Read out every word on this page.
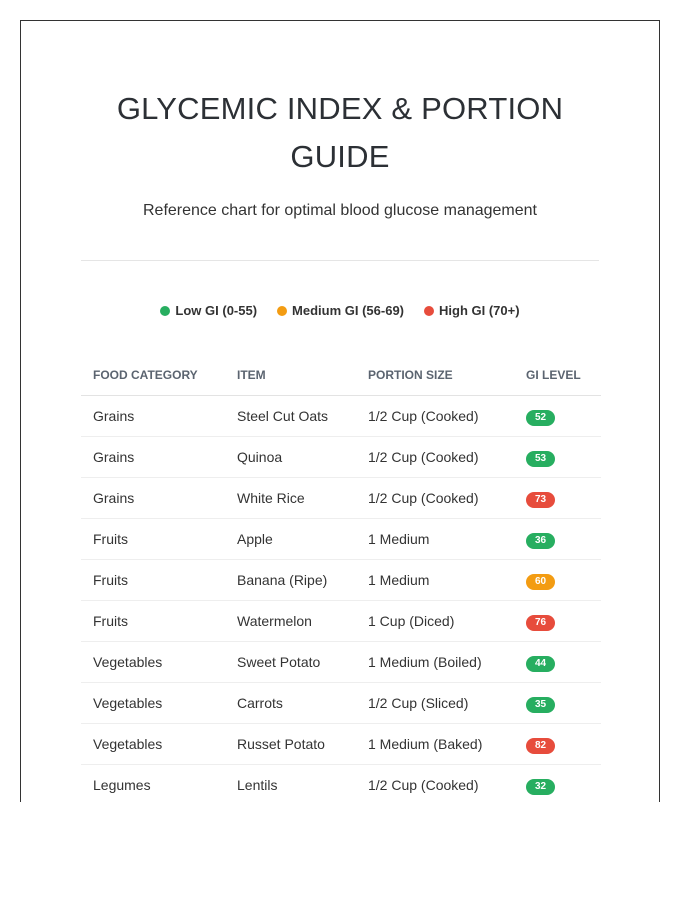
GLYCEMIC INDEX & PORTION GUIDE
Reference chart for optimal blood glucose management
Low GI (0-55)	Medium GI (56-69)	High GI (70+)
FOOD CATEGORY	ITEM	PORTION SIZE	GI LEVEL
Grains	Steel Cut Oats	1/2 Cup (Cooked)	52
Grains	Quinoa	1/2 Cup (Cooked)	53
Grains	White Rice	1/2 Cup (Cooked)	73
Fruits	Apple	1 Medium	36
Fruits	Banana (Ripe)	1 Medium	60
Fruits	Watermelon	1 Cup (Diced)	76
Vegetables	Sweet Potato	1 Medium (Boiled)	44
Vegetables	Carrots	1/2 Cup (Sliced)	35
Vegetables	Russet Potato	1 Medium (Baked)	82
Legumes	Lentils	1/2 Cup (Cooked)	32
